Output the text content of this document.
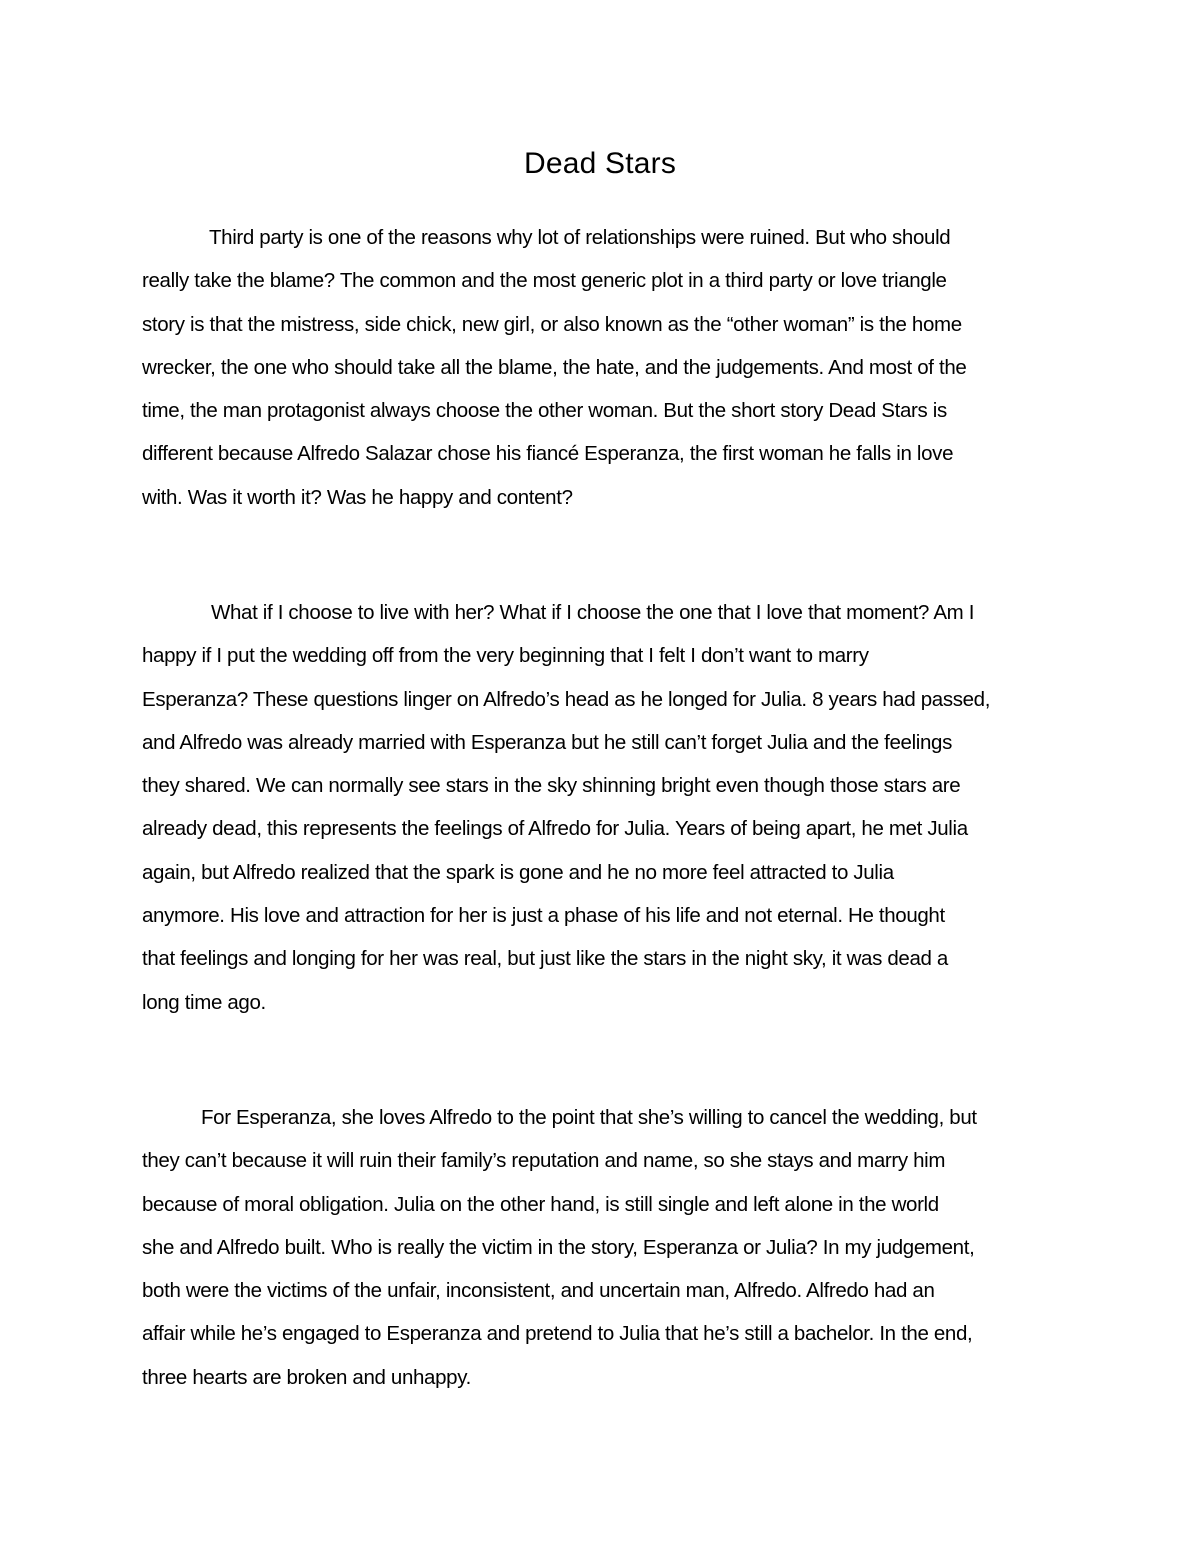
Dead Stars
Third party is one of the reasons why lot of relationships were ruined. But who should
really take the blame? The common and the most generic plot in a third party or love triangle
story is that the mistress, side chick, new girl, or also known as the “other woman” is the home
wrecker, the one who should take all the blame, the hate, and the judgements. And most of the
time, the man protagonist always choose the other woman. But the short story Dead Stars is
different because Alfredo Salazar chose his fiancé Esperanza, the first woman he falls in love
with. Was it worth it? Was he happy and content?
What if I choose to live with her? What if I choose the one that I love that moment? Am I
happy if I put the wedding off from the very beginning that I felt I don’t want to marry
Esperanza? These questions linger on Alfredo’s head as he longed for Julia. 8 years had passed,
and Alfredo was already married with Esperanza but he still can’t forget Julia and the feelings
they shared. We can normally see stars in the sky shinning bright even though those stars are
already dead, this represents the feelings of Alfredo for Julia. Years of being apart, he met Julia
again, but Alfredo realized that the spark is gone and he no more feel attracted to Julia
anymore. His love and attraction for her is just a phase of his life and not eternal. He thought
that feelings and longing for her was real, but just like the stars in the night sky, it was dead a
long time ago.
For Esperanza, she loves Alfredo to the point that she’s willing to cancel the wedding, but
they can’t because it will ruin their family’s reputation and name, so she stays and marry him
because of moral obligation. Julia on the other hand, is still single and left alone in the world
she and Alfredo built. Who is really the victim in the story, Esperanza or Julia? In my judgement,
both were the victims of the unfair, inconsistent, and uncertain man, Alfredo. Alfredo had an
affair while he’s engaged to Esperanza and pretend to Julia that he’s still a bachelor. In the end,
three hearts are broken and unhappy.
